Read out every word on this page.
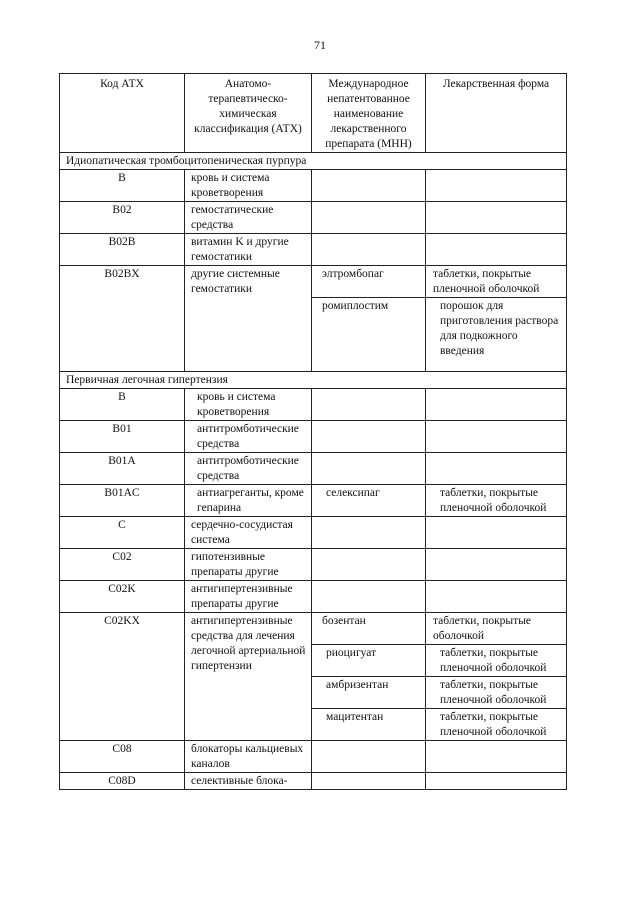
71
Код АТХ	Анатомо-терапевтическо-химическая классификация (АТХ)	Международное непатентованное наименование лекарственного препарата (МНН)	Лекарственная форма
Идиопатическая тромбоцитопеническая пурпура			
B	кровь и система кроветворения		
B02	гемостатические средства		
B02B	витамин K и другие гемостатики		
B02BX	другие системные гемостатики	элтромбопаг	таблетки, покрытые пленочной оболочкой
		ромиплостим	порошок для приготовления раствора для подкожного введения
Первичная легочная гипертензия			
B	кровь и система кроветворения		
B01	антитромботические средства		
B01A	антитромботические средства		
B01AC	антиагреганты, кроме гепарина	селексипаг	таблетки, покрытые пленочной оболочкой
C	сердечно-сосудистая система		
C02	гипотензивные препараты другие		
C02K	антигипертензивные препараты другие		
C02KX	антигипертензивные средства для лечения легочной артериальной гипертензии	бозентан	таблетки, покрытые оболочкой
		риоцигуат	таблетки, покрытые пленочной оболочкой
		амбризентан	таблетки, покрытые пленочной оболочкой
		мацитентан	таблетки, покрытые пленочной оболочкой
C08	блокаторы кальциевых каналов		
C08D	селективные блока-		
